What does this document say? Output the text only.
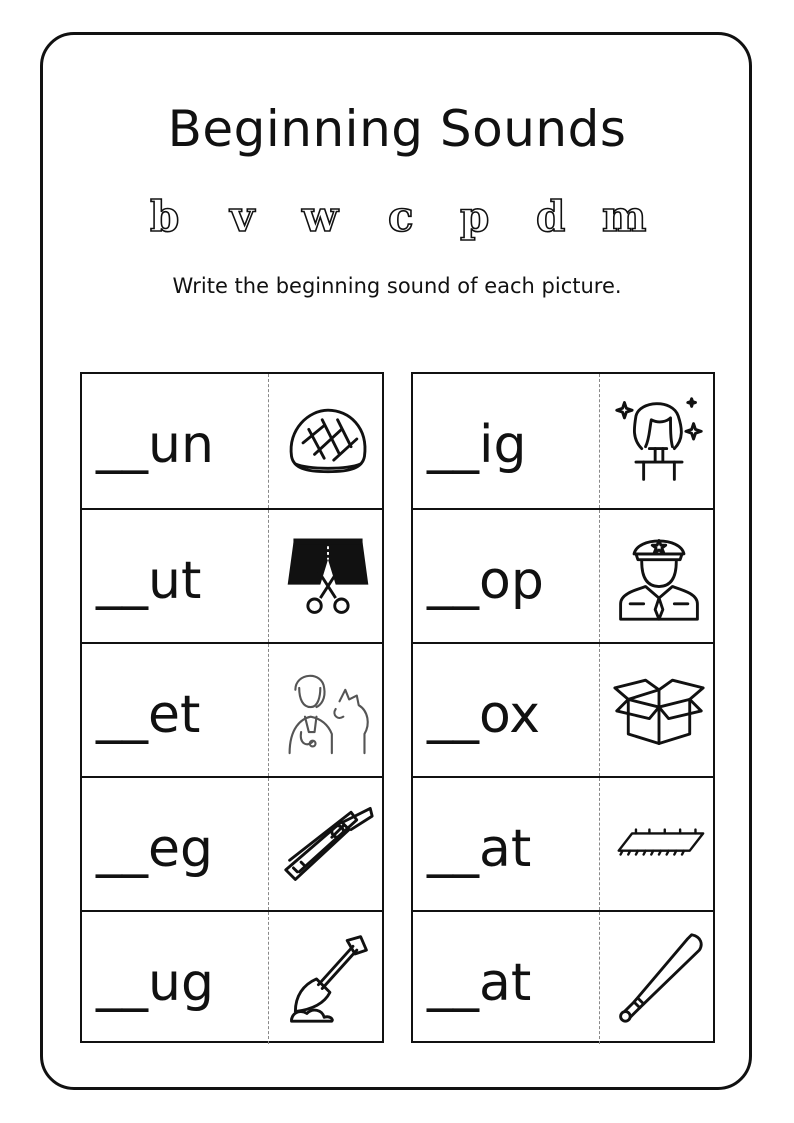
Beginning Sounds
b v w c p d m

Write the beginning sound of each picture.

__un
__ut
__et
__eg
__ug
__ig
__op
__ox
__at
__at
